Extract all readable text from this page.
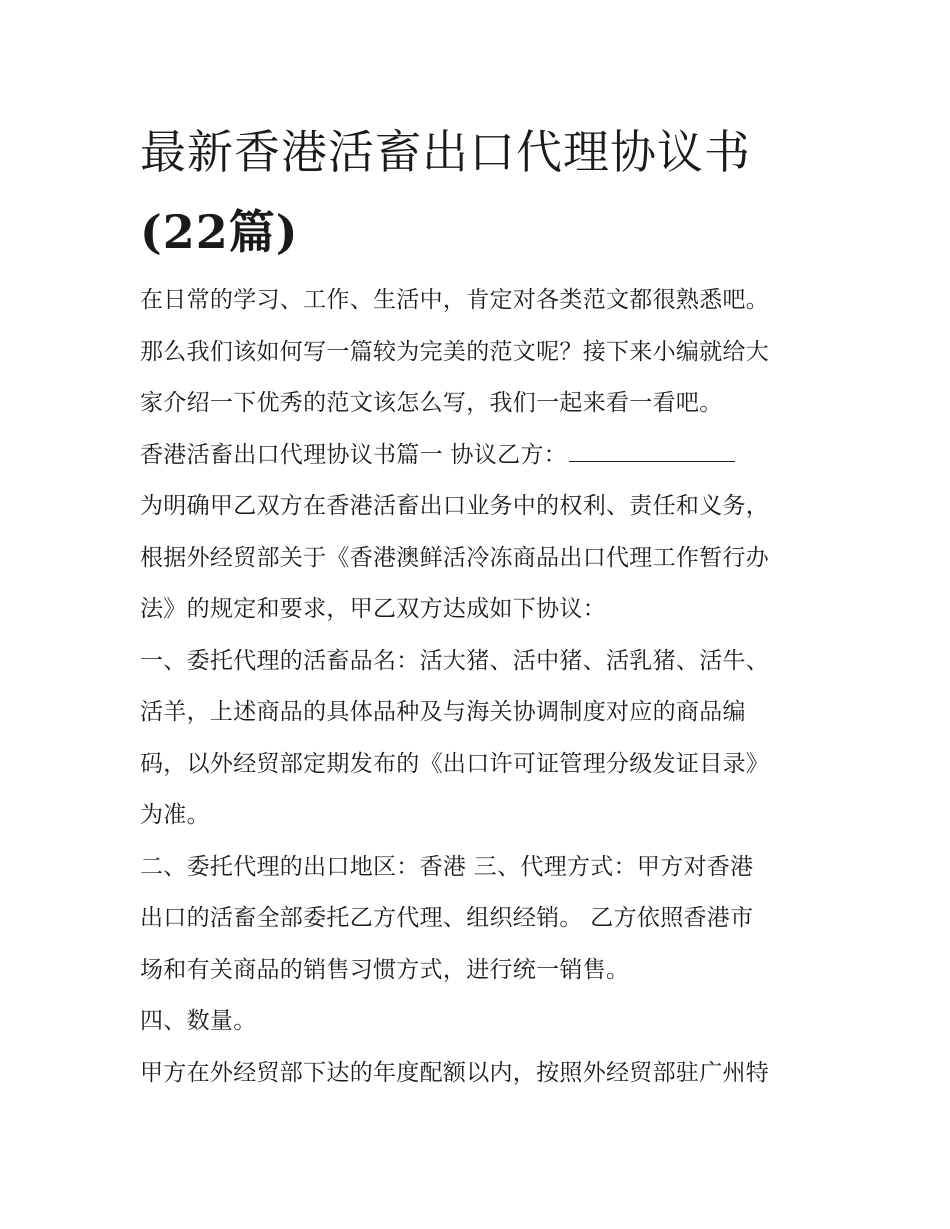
最新香港活畜出口代理协议书
(22篇)

在日常的学习、工作、生活中，肯定对各类范文都很熟悉吧。

那么我们该如何写一篇较为完美的范文呢？接下来小编就给大

家介绍一下优秀的范文该怎么写，我们一起来看一看吧。

香港活畜出口代理协议书篇一 协议乙方：

为明确甲乙双方在香港活畜出口业务中的权利、责任和义务，

根据外经贸部关于《香港澳鲜活冷冻商品出口代理工作暂行办

法》的规定和要求，甲乙双方达成如下协议：

一、委托代理的活畜品名：活大猪、活中猪、活乳猪、活牛、

活羊，上述商品的具体品种及与海关协调制度对应的商品编

码，以外经贸部定期发布的《出口许可证管理分级发证目录》

为准。

二、委托代理的出口地区：香港 三、代理方式：甲方对香港

出口的活畜全部委托乙方代理、组织经销。 乙方依照香港市

场和有关商品的销售习惯方式，进行统一销售。

四、数量。

甲方在外经贸部下达的年度配额以内，按照外经贸部驻广州特
